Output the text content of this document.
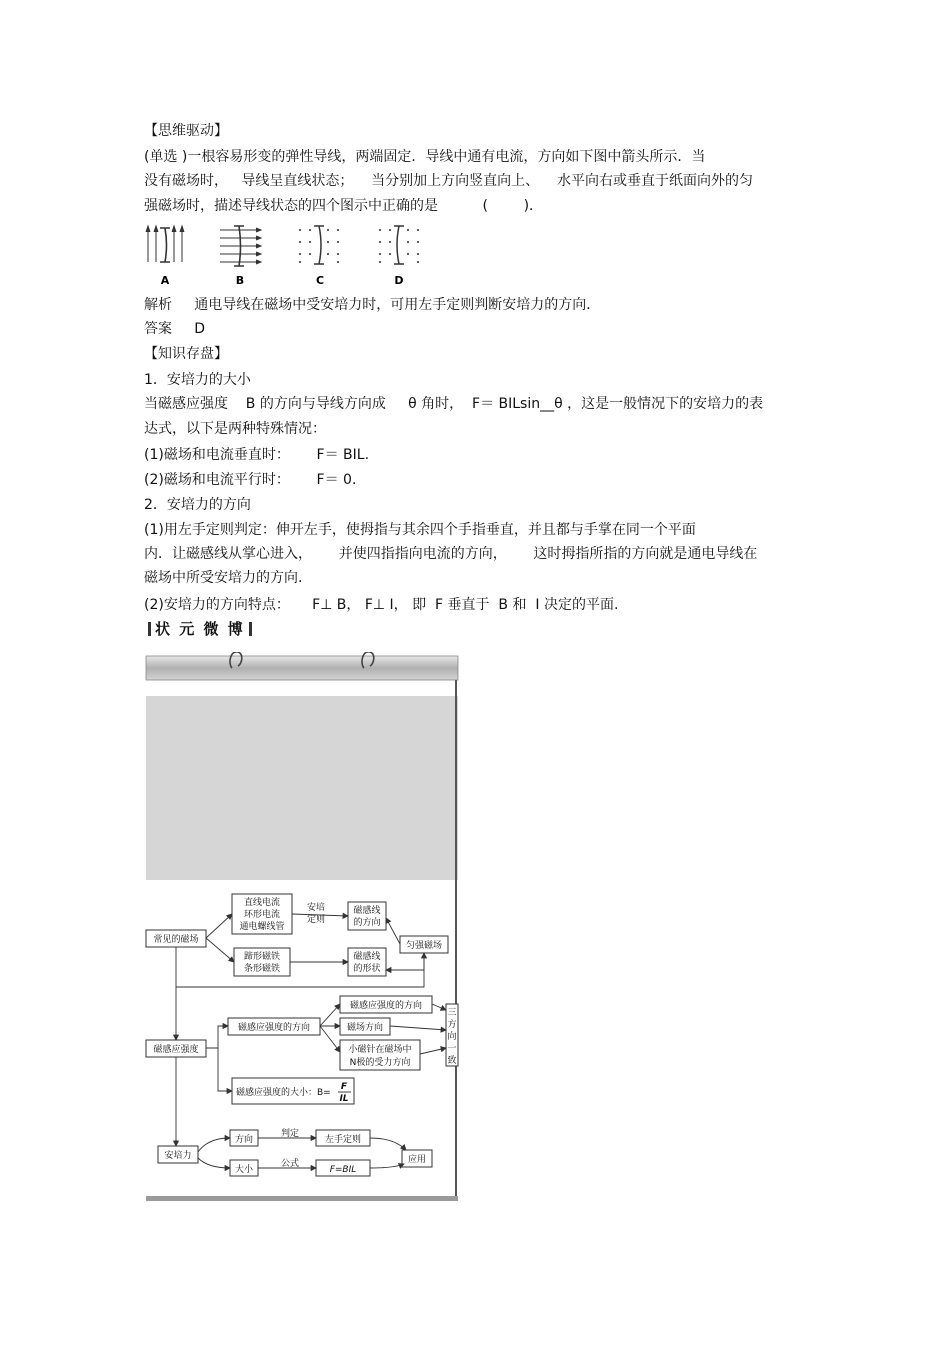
【思维驱动】
(单选 )一根容易形变的弹性导线，两端固定．导线中通有电流，方向如下图中箭头所示．当
没有磁场时，   导线呈直线状态；    当分别加上方向竖直向上、    水平向右或垂直于纸面向外的匀
强磁场时，描述导线状态的四个图示中正确的是          (        )．
A	B	C	D
解析     通电导线在磁场中受安培力时，可用左手定则判断安培力的方向．
答案     D
【知识存盘】
1．安培力的大小
当磁感应强度    B 的方向与导线方向成     θ 角时，  F＝ BILsin__θ ，这是一般情况下的安培力的表
达式，以下是两种特殊情况：
(1)磁场和电流垂直时：      F＝ BIL.
(2)磁场和电流平行时：      F＝ 0.
2．安培力的方向
(1)用左手定则判定：伸开左手，使拇指与其余四个手指垂直，并且都与手掌在同一个平面
内．让磁感线从掌心进入，      并使四指指向电流的方向，      这时拇指所指的方向就是通电导线在
磁场中所受安培力的方向.
(2)安培力的方向特点：     F⊥ B， F⊥ I， 即  F 垂直于  B 和  I 决定的平面.
状 元 微 博
常见的磁场
直线电流
环形电流
通电螺线管
安培
定则
磁感线
的方向
匀强磁场
蹄形磁铁
条形磁铁
磁感线
的形状
磁感应强度
磁感应强度的方向
磁感应强度的方向
磁场方向
小磁针在磁场中
N极的受力方向
三
方
向
一
致
磁感应强度的大小：B=
F
IL
安培力
方向
判定
左手定则
大小
公式
F=BIL
应用
